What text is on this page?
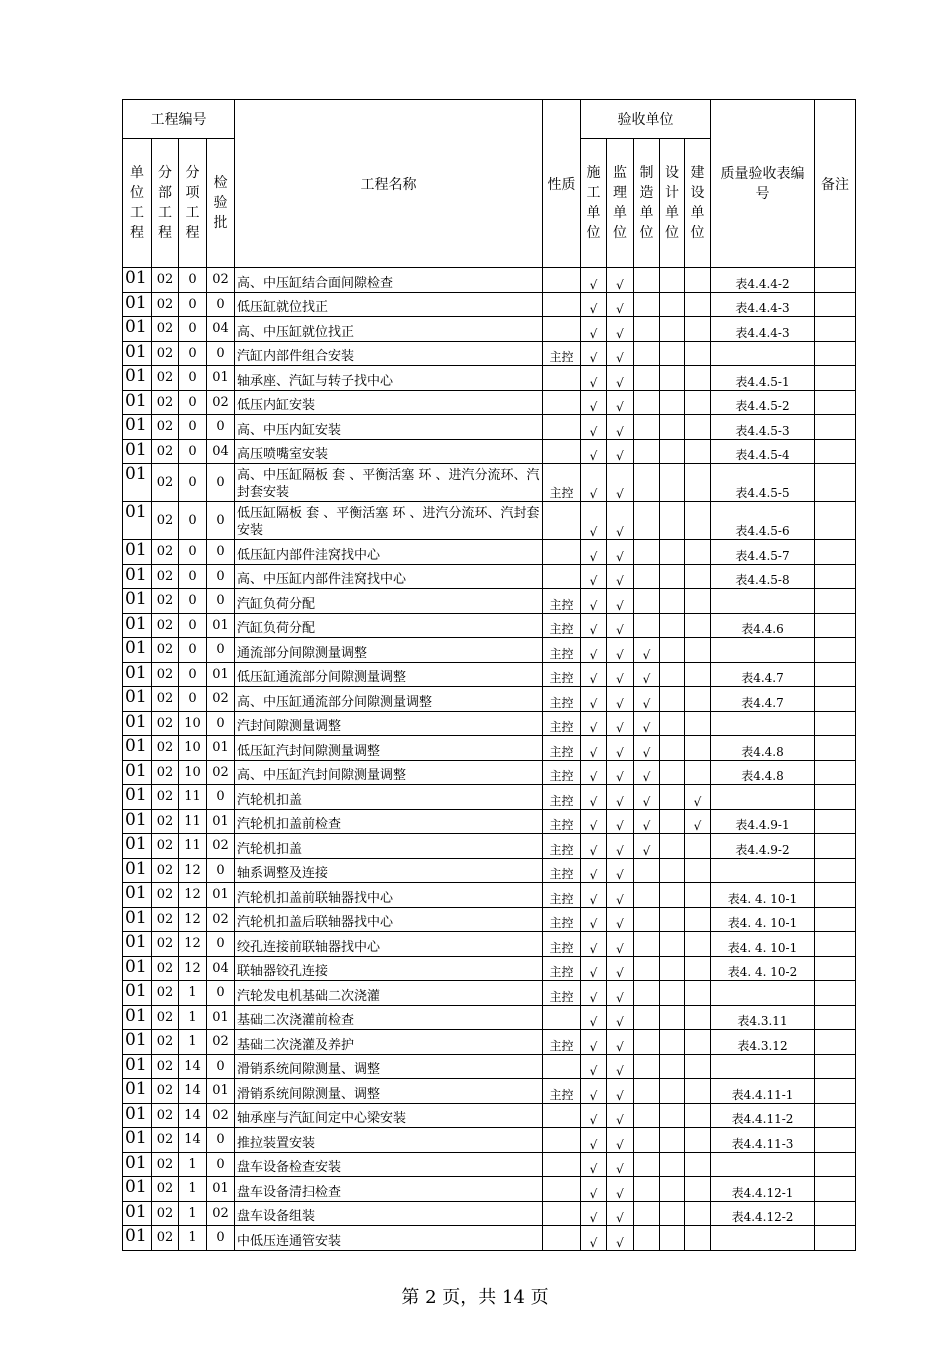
工程编号				工程名称	性质	验收单位					质量验收表编号	备注
单位工程	分部工程	分项工程	检验批			施工单位	监理单位	制造单位	设计单位	建设单位		
01	02	0	02	高、中压缸结合面间隙检查		√	√				表4.4.4-2	
01	02	0	0	低压缸就位找正		√	√				表4.4.4-3	
01	02	0	04	高、中压缸就位找正		√	√				表4.4.4-3	
01	02	0	0	汽缸内部件组合安装	主控	√	√					
01	02	0	01	轴承座、汽缸与转子找中心		√	√				表4.4.5-1	
01	02	0	02	低压内缸安装		√	√				表4.4.5-2	
01	02	0	0	高、中压内缸安装		√	√				表4.4.5-3	
01	02	0	04	高压喷嘴室安装		√	√				表4.4.5-4	
01	02	0	0	高、中压缸隔板 套 、平衡活塞 环 、进汽分流环、汽封套安装	主控	√	√				表4.4.5-5	
01	02	0	0	低压缸隔板 套 、平衡活塞 环 、进汽分流环、汽封套安装		√	√				表4.4.5-6	
01	02	0	0	低压缸内部件洼窝找中心		√	√				表4.4.5-7	
01	02	0	0	高、中压缸内部件洼窝找中心		√	√				表4.4.5-8	
01	02	0	0	汽缸负荷分配	主控	√	√					
01	02	0	01	汽缸负荷分配	主控	√	√				表4.4.6	
01	02	0	0	通流部分间隙测量调整	主控	√	√	√				
01	02	0	01	低压缸通流部分间隙测量调整	主控	√	√	√			表4.4.7	
01	02	0	02	高、中压缸通流部分间隙测量调整	主控	√	√	√			表4.4.7	
01	02	10	0	汽封间隙测量调整	主控	√	√	√				
01	02	10	01	低压缸汽封间隙测量调整	主控	√	√	√			表4.4.8	
01	02	10	02	高、中压缸汽封间隙测量调整	主控	√	√	√			表4.4.8	
01	02	11	0	汽轮机扣盖	主控	√	√	√		√		
01	02	11	01	汽轮机扣盖前检查	主控	√	√	√		√	表4.4.9-1	
01	02	11	02	汽轮机扣盖	主控	√	√	√			表4.4.9-2	
01	02	12	0	轴系调整及连接	主控	√	√					
01	02	12	01	汽轮机扣盖前联轴器找中心	主控	√	√				表4. 4. 10-1	
01	02	12	02	汽轮机扣盖后联轴器找中心	主控	√	√				表4. 4. 10-1	
01	02	12	0	绞孔连接前联轴器找中心	主控	√	√				表4. 4. 10-1	
01	02	12	04	联轴器铰孔连接	主控	√	√				表4. 4. 10-2	
01	02	1	0	汽轮发电机基础二次浇灌	主控	√	√					
01	02	1	01	基础二次浇灌前检查		√	√				表4.3.11	
01	02	1	02	基础二次浇灌及养护	主控	√	√				表4.3.12	
01	02	14	0	滑销系统间隙测量、调整		√	√					
01	02	14	01	滑销系统间隙测量、调整	主控	√	√				表4.4.11-1	
01	02	14	02	轴承座与汽缸间定中心梁安装		√	√				表4.4.11-2	
01	02	14	0	推拉装置安装		√	√				表4.4.11-3	
01	02	1	0	盘车设备检查安装		√	√					
01	02	1	01	盘车设备清扫检查		√	√				表4.4.12-1	
01	02	1	02	盘车设备组装		√	√				表4.4.12-2	
01	02	1	0	中低压连通管安装		√	√					
第 2 页，共 14 页
